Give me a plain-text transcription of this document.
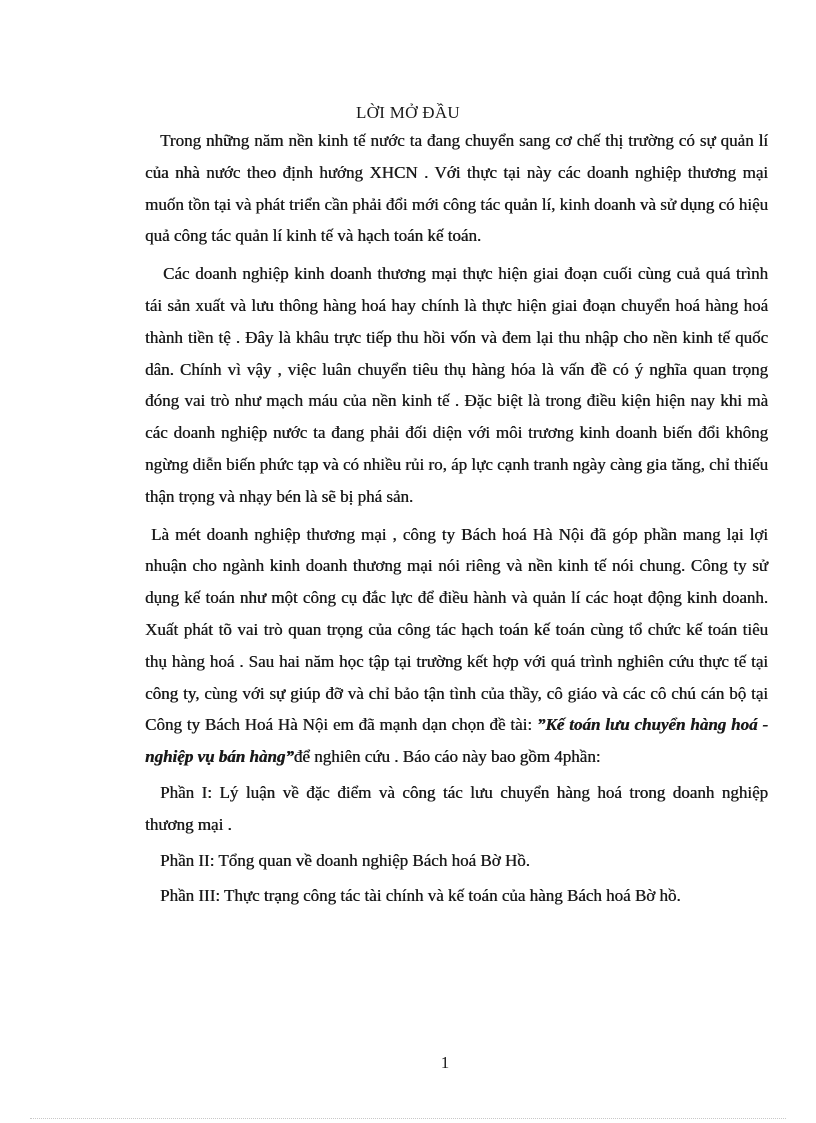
LỜI MỞ ĐẦU

Trong những năm nền kinh tế nước ta đang chuyển sang cơ chế thị trường có sự quản lí của nhà nước theo định hướng XHCN . Với thực tại này các doanh nghiệp thương mại muốn tồn tại và phát triển cần phải đổi mới công tác quản lí, kinh doanh và sử dụng có hiệu quả công tác quản lí kinh tế và hạch toán kế toán.

Các doanh nghiệp kinh doanh thương mại thực hiện giai đoạn cuối cùng cuả quá trình tái sản xuất và lưu thông hàng hoá hay chính là thực hiện giai đoạn chuyển hoá hàng hoá thành tiền tệ . Đây là khâu trực tiếp thu hồi vốn và đem lại thu nhập cho nền kinh tế quốc dân. Chính vì vậy , việc luân chuyển tiêu thụ hàng hóa là vấn đề có ý nghĩa quan trọng đóng vai trò như mạch máu của nền kinh tế . Đặc biệt là trong điều kiện hiện nay khi mà các doanh nghiệp nước ta đang phải đối diện với môi trương kinh doanh biến đổi không ngừng diễn biến phức tạp và có nhiều rủi ro, áp lực cạnh tranh ngày càng gia tăng, chỉ thiếu thận trọng và nhạy bén là sẽ bị phá sản.

Là mét doanh nghiệp thương mại , công ty Bách hoá Hà Nội đã góp phần mang lại lợi nhuận cho ngành kinh doanh thương mại nói riêng và nền kinh tế nói chung. Công ty sử dụng kế toán như một công cụ đắc lực để điều hành và quản lí các hoạt động kinh doanh. Xuất phát tõ vai trò quan trọng của công tác hạch toán kế toán cùng tổ chức kế toán tiêu thụ hàng hoá . Sau hai năm học tập tại trường kết hợp với quá trình nghiên cứu thực tế tại công ty, cùng với sự giúp đỡ và chỉ bảo tận tình của thầy, cô giáo và các cô chú cán bộ tại Công ty Bách Hoá Hà Nội em đã mạnh dạn chọn đề tài: ”Kế toán lưu chuyển hàng hoá - nghiệp vụ bán hàng”để nghiên cứu . Báo cáo này bao gồm 4phần:

Phần I: Lý luận về đặc điểm và công tác lưu chuyển hàng hoá trong doanh nghiệp thương mại .

Phần II: Tổng quan về doanh nghiệp Bách hoá Bờ Hồ.

Phần III: Thực trạng công tác tài chính và kế toán của hàng Bách hoá Bờ hồ.

1
